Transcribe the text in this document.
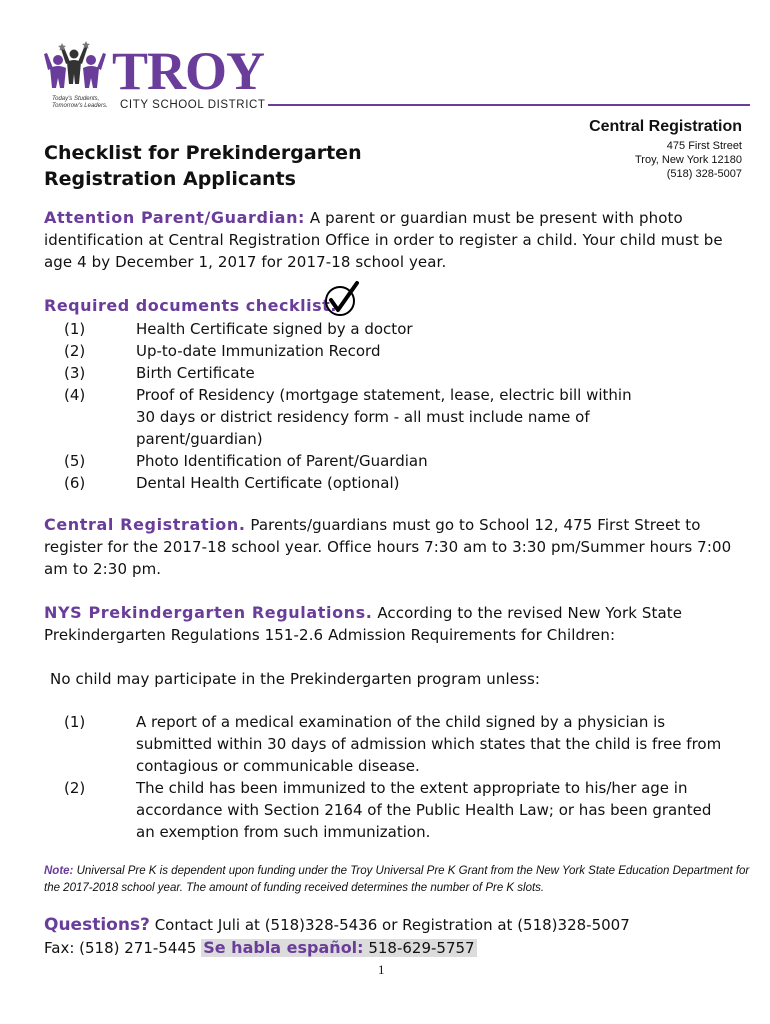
TROY
CITY SCHOOL DISTRICT
Today's Students,
Tomorrow's Leaders.
Central Registration
475 First Street
Troy, New York 12180
(518) 328-5007
Checklist for Prekindergarten
Registration Applicants
Attention Parent/Guardian: A parent or guardian must be present with photo identification at Central Registration Office in order to register a child. Your child must be age 4 by December 1, 2017 for 2017-18 school year.
Required documents checklist:
(1)	Health Certificate signed by a doctor
(2)	Up-to-date Immunization Record
(3)	Birth Certificate
(4)	Proof of Residency (mortgage statement, lease, electric bill within 30 days or district residency form - all must include name of parent/guardian)
(5)	Photo Identification of Parent/Guardian
(6)	Dental Health Certificate (optional)
Central Registration. Parents/guardians must go to School 12, 475 First Street to register for the 2017-18 school year. Office hours 7:30 am to 3:30 pm/Summer hours 7:00 am to 2:30 pm.
NYS Prekindergarten Regulations. According to the revised New York State Prekindergarten Regulations 151-2.6 Admission Requirements for Children:
No child may participate in the Prekindergarten program unless:
(1)	A report of a medical examination of the child signed by a physician is submitted within 30 days of admission which states that the child is free from contagious or communicable disease.
(2)	The child has been immunized to the extent appropriate to his/her age in accordance with Section 2164 of the Public Health Law; or has been granted an exemption from such immunization.
Note: Universal Pre K is dependent upon funding under the Troy Universal Pre K Grant from the New York State Education Department for the 2017-2018 school year. The amount of funding received determines the number of Pre K slots.
Questions? Contact Juli at (518)328-5436 or Registration at (518)328-5007
Fax: (518) 271-5445 Se habla español: 518-629-5757
1
